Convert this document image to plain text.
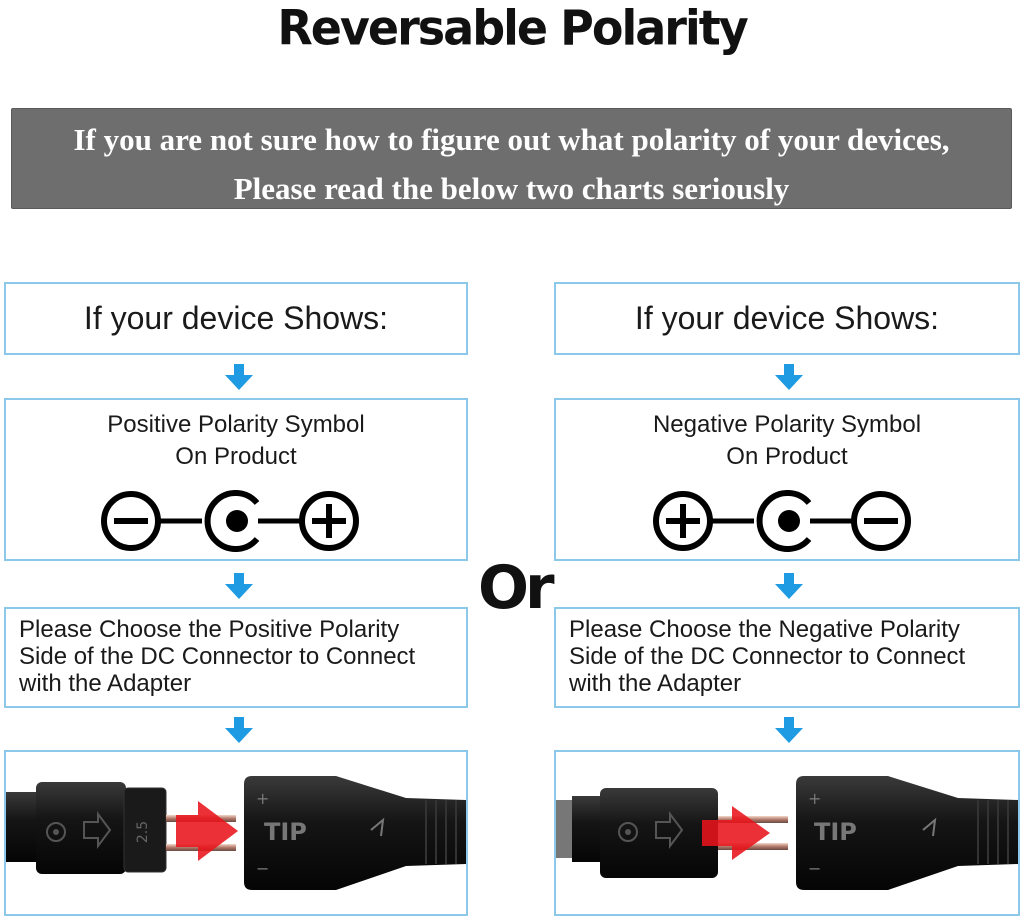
Reversable Polarity
If you are not sure how to figure out what polarity of your devices,
Please read the below two charts seriously
If your device Shows:
Positive Polarity Symbol
On Product
Please Choose the Positive Polarity
Side of the DC Connector to Connect
with the Adapter
2.5	TIP
+
−
Or
If your device Shows:
Negative Polarity Symbol
On Product
Please Choose the Negative Polarity
Side of the DC Connector to Connect
with the Adapter
TIP
+
−
